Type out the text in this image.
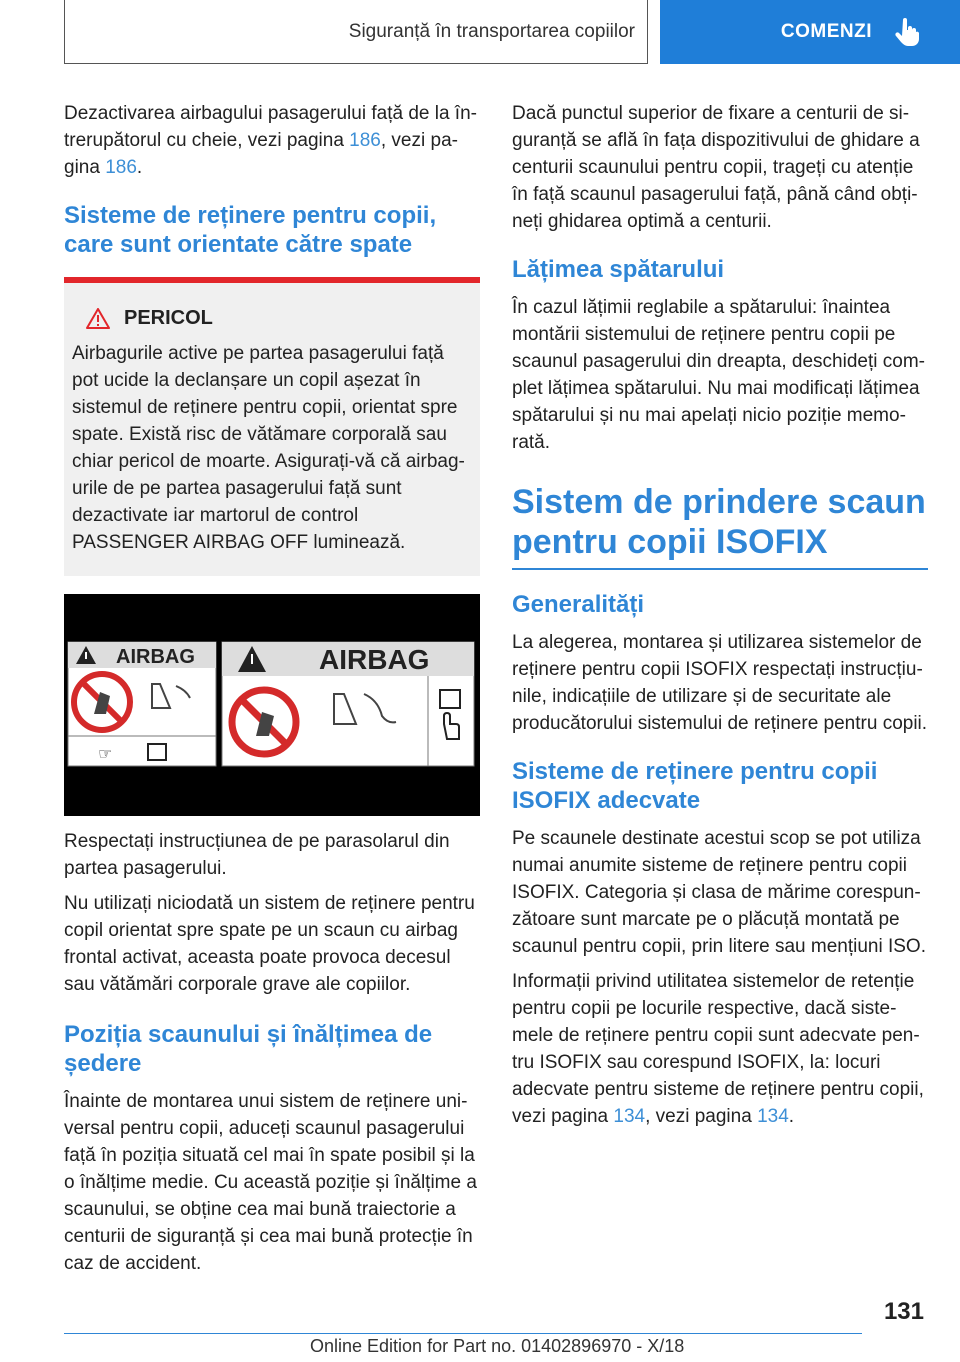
Siguranță în transportarea copiilor	COMENZI

Dezactivarea airbagului pasagerului față de la întrerupătorul cu cheie, vezi pagina 186, vezi pagina 186.

Sisteme de reținere pentru copii, care sunt orientate către spate
PERICOL

Airbagurile active pe partea pasagerului față pot ucide la declanșare un copil așezat în sistemul de reținere pentru copii, orientat spre spate. Există risc de vătămare corporală sau chiar pericol de moarte. Asigurați-vă că airbag-urile de pe partea pasagerului față sunt dezactivate iar martorul de control PASSENGER AIRBAG OFF luminează.

AIRBAG
☞
AIRBAG

Respectați instrucțiunea de pe parasolarul din partea pasagerului.

Nu utilizați niciodată un sistem de reținere pentru copil orientat spre spate pe un scaun cu airbag frontal activat, aceasta poate provoca decesul sau vătămări corporale grave ale copiilor.

Poziția scaunului și înălțimea de ședere

Înainte de montarea unui sistem de reținere universal pentru copii, aduceți scaunul pasagerului față în poziția situată cel mai în spate posibil și la o înălțime medie. Cu această poziție și înălțime a scaunului, se obține cea mai bună traiectorie a centurii de siguranță și cea mai bună protecție în caz de accident.

Dacă punctul superior de fixare a centurii de siguranță se află în fața dispozitivului de ghidare a centurii scaunului pentru copii, trageți cu atenție în față scaunul pasagerului față, până când obțineți ghidarea optimă a centurii.

Lățimea spătarului

În cazul lățimii reglabile a spătarului: înaintea montării sistemului de reținere pentru copii pe scaunul pasagerului din dreapta, deschideți complet lățimea spătarului. Nu mai modificați lățimea spătarului și nu mai apelați nicio poziție memorată.

Sistem de prindere scaun pentru copii ISOFIX
Generalități

La alegerea, montarea și utilizarea sistemelor de reținere pentru copii ISOFIX respectați instrucțiunile, indicațiile de utilizare și de securitate ale producătorului sistemului de reținere pentru copii.

Sisteme de reținere pentru copii ISOFIX adecvate

Pe scaunele destinate acestui scop se pot utiliza numai anumite sisteme de reținere pentru copii ISOFIX. Categoria și clasa de mărime corespunzătoare sunt marcate pe o plăcuță montată pe scaunul pentru copii, prin litere sau mențiuni ISO.

Informații privind utilitatea sistemelor de retenție pentru copii pe locurile respective, dacă sistemele de reținere pentru copii sunt adecvate pentru ISOFIX sau corespund ISOFIX, la: locuri adecvate pentru sisteme de reținere pentru copii, vezi pagina 134, vezi pagina 134.

131
Online Edition for Part no. 01402896970 - X/18
